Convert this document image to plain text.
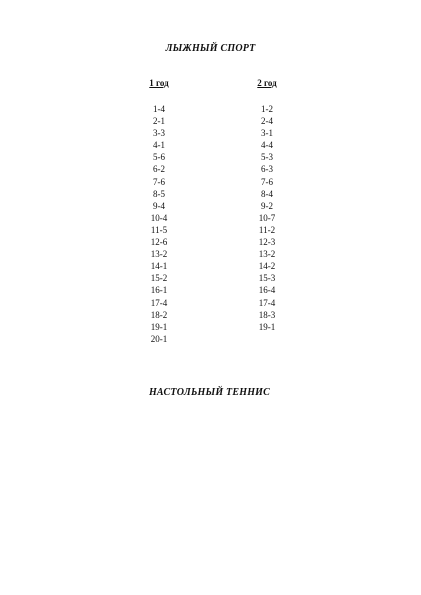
ЛЫЖНЫЙ СПОРТ
1 год
1-4
2-1
3-3
4-1
5-6
6-2
7-6
8-5
9-4
10-4
11-5
12-6
13-2
14-1
15-2
16-1
17-4
18-2
19-1
20-1
2 год
1-2
2-4
3-1
4-4
5-3
6-3
7-6
8-4
9-2
10-7
11-2
12-3
13-2
14-2
15-3
16-4
17-4
18-3
19-1
НАСТОЛЬНЫЙ ТЕННИС
